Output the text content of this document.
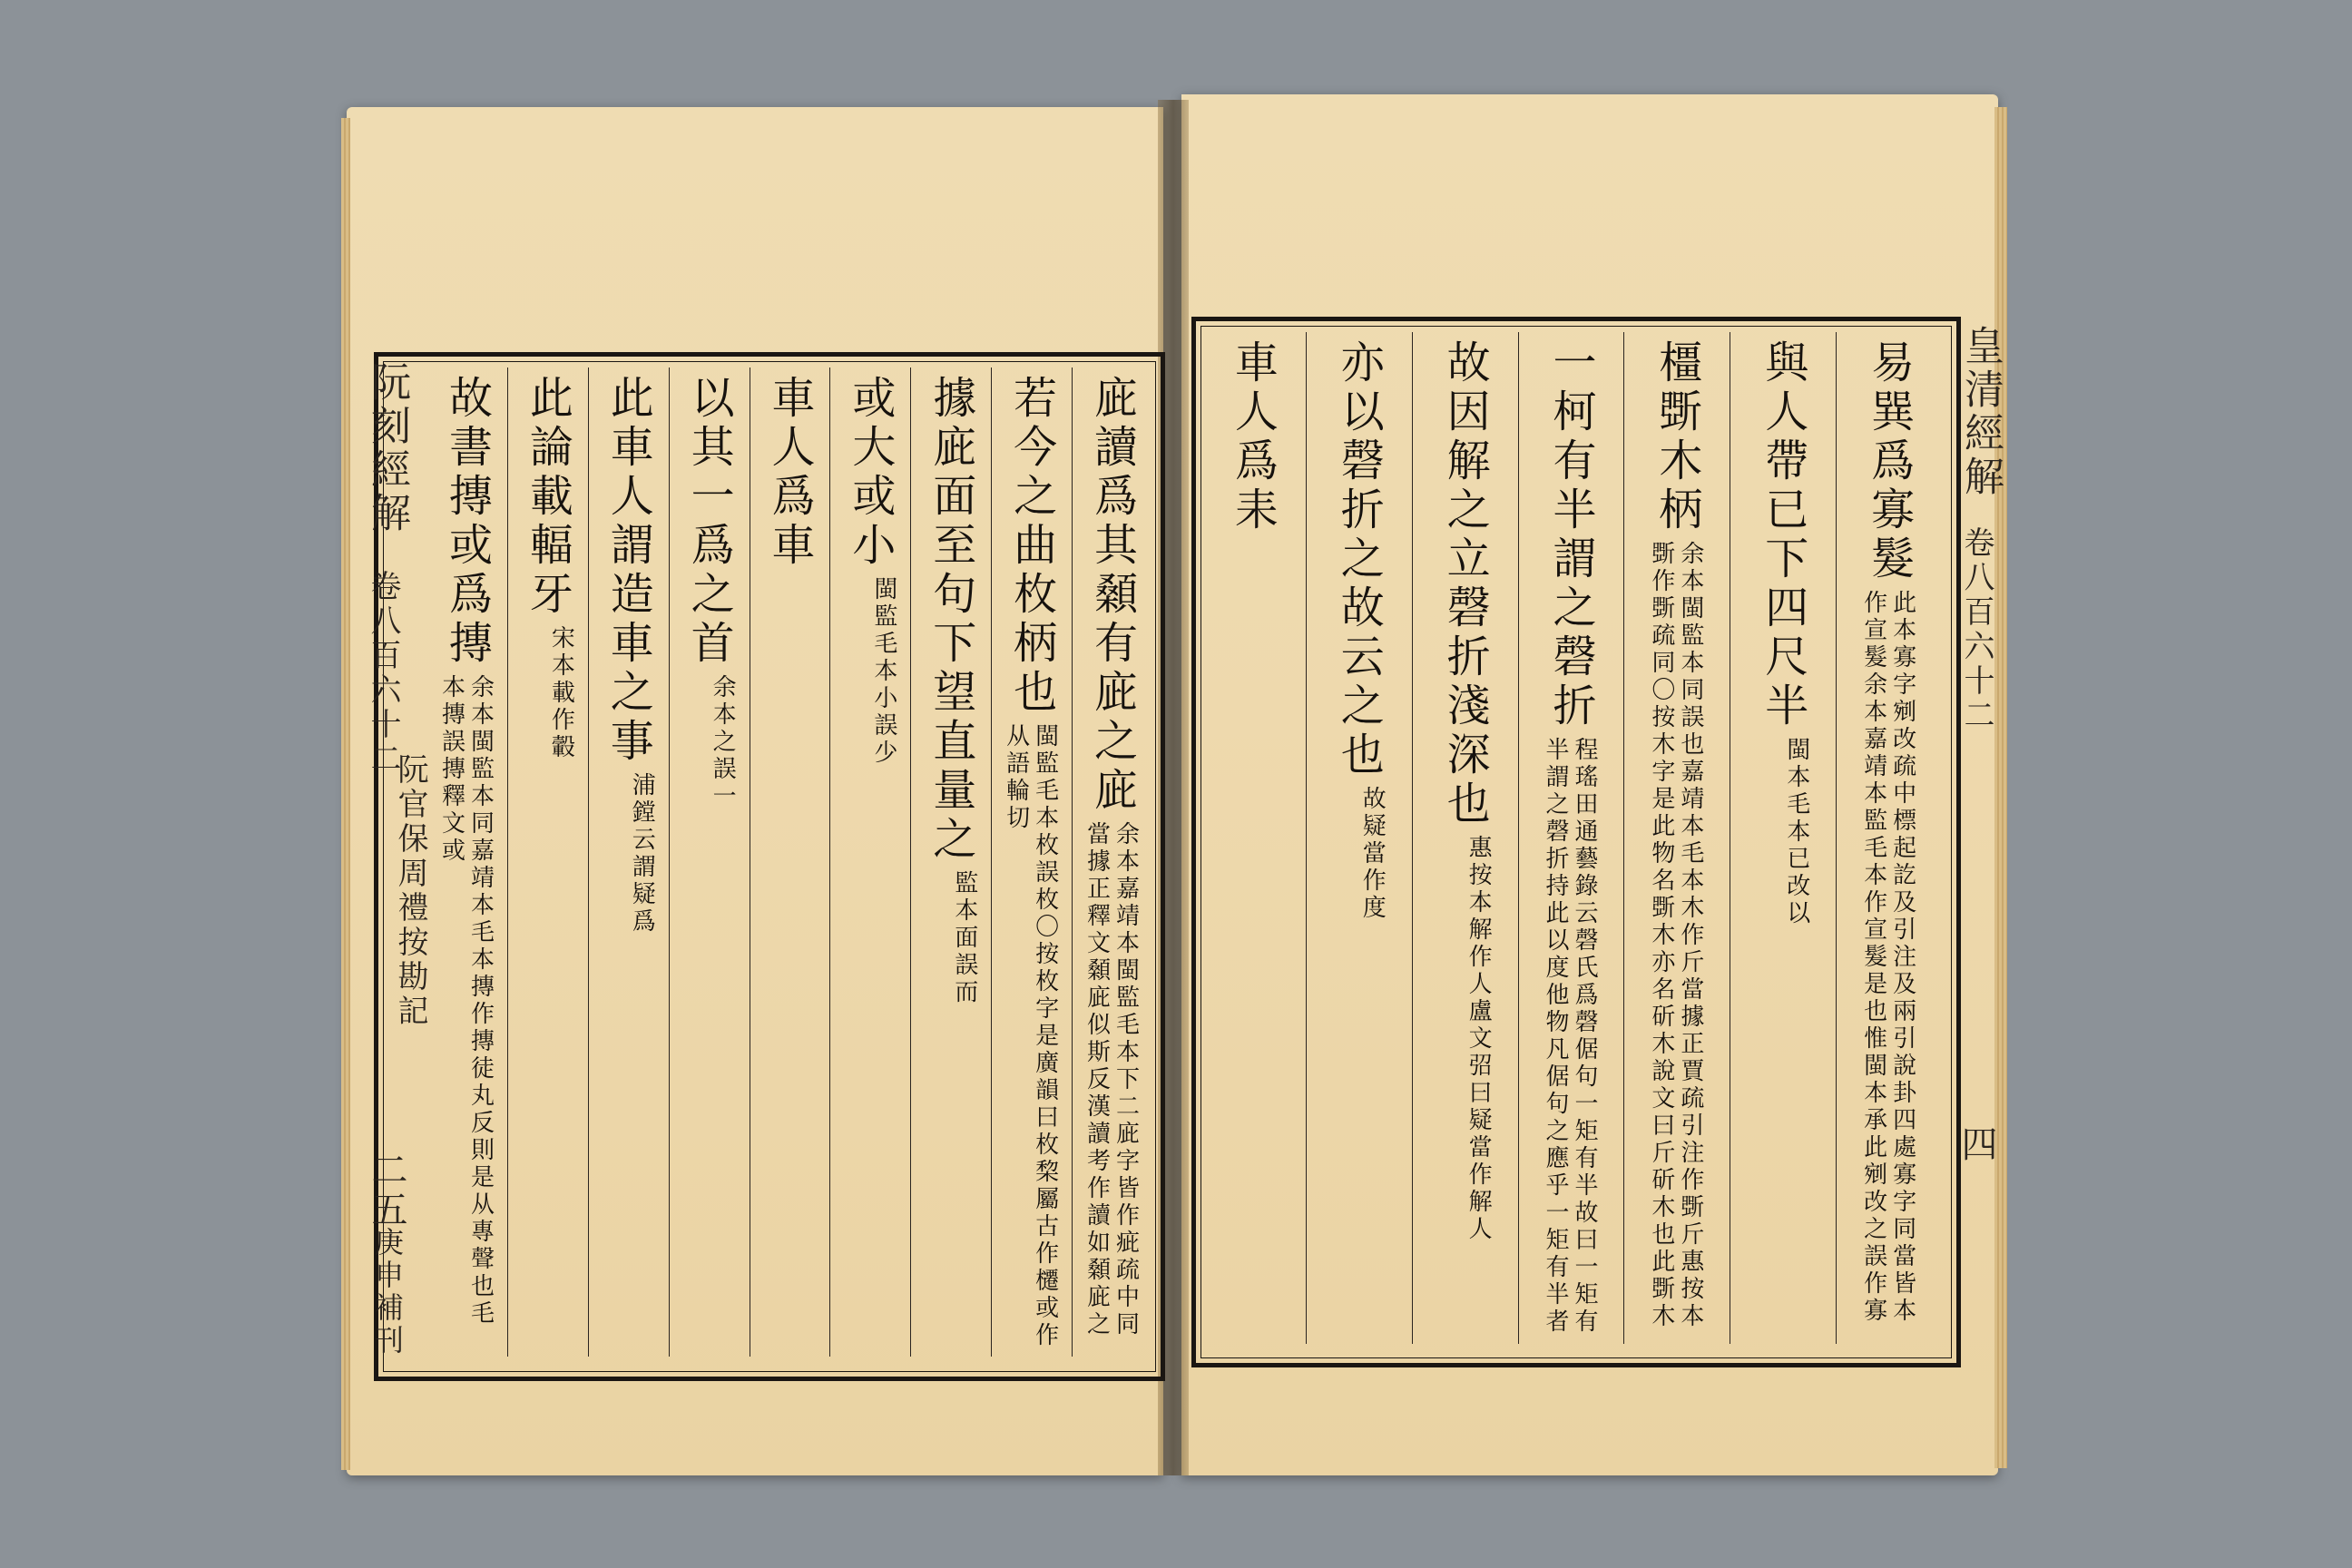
阮刻經解
卷八百六十二
二五
庚申補刊
阮官保周禮按勘記
皇清經解
卷八百六十二
四
庛讀爲其顙有庛之庛
余本嘉靖本閩監毛本下二庛字皆作疵疏中同
當據正釋文顙庛似斯反漢讀考作讀如顙庛之
若今之曲枚柄也
閩監毛本枚誤枚〇按枚字是廣韻曰枚棃屬古作櫏或作
从語輪切
據庛面至句下望直量之
監本面誤而
或大或小
閩監毛本小誤少
車人爲車
以其一爲之首
余本之誤一
此車人謂造車之事
浦鏜云謂疑爲
此論載輻牙
宋本載作轂
故書摶或爲摶
余本閩監本同嘉靖本毛本摶作摶徒丸反則是从專聲也毛
本摶誤摶釋文或
易巽爲寡髮
此本寡字剜改疏中標起訖及引注及兩引說卦四處寡字同當皆本
作宣髮余本嘉靖本監毛本作宣髮是也惟閩本承此剜改之誤作寡
與人帶已下四尺半
閩本毛本已改以
橿斲木柄
余本閩監本同誤也嘉靖本毛本木作斤當據正賈疏引注作斲斤惠按本
斲作斲疏同〇按木字是此物名斲木亦名斫木說文曰斤斫木也此斲木
一柯有半謂之磬折
程瑤田通藝錄云磬氏爲磬倨句一矩有半故曰一矩有
半謂之磬折持此以度他物凡倨句之應乎一矩有半者
故因解之立磬折淺深也
惠按本解作人盧文弨曰疑當作解人
亦以磬折之故云之也
故疑當作度
車人爲耒
